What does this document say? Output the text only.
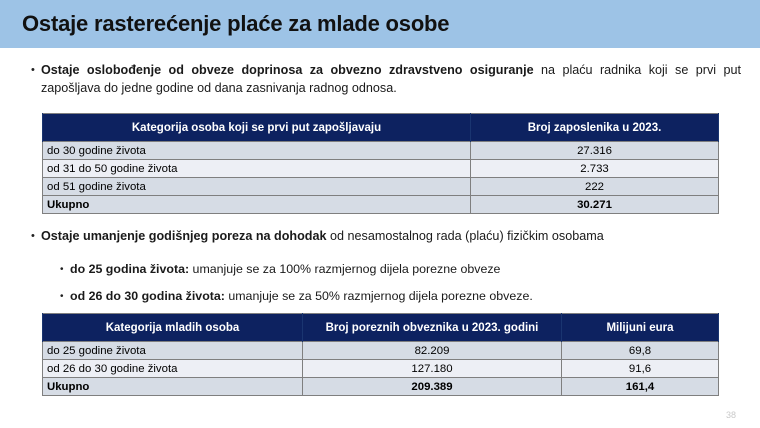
Ostaje rasterećenje plaće za mlade osobe
• Ostaje oslobođenje od obveze doprinosa za obvezno zdravstveno osiguranje na plaću radnika koji se prvi put zapošljava do jedne godine od dana zasnivanja radnog odnosa.
Kategorija osoba koji se prvi put zapošljavaju	Broj zaposlenika u 2023.
do 30 godine života	27.316
od 31 do 50 godine života	2.733
od 51 godine života	222
Ukupno	30.271
• Ostaje umanjenje godišnjeg poreza na dohodak od nesamostalnog rada (plaću) fizičkim osobama
• do 25 godina života: umanjuje se za 100% razmjernog dijela porezne obveze
• od 26 do 30 godina života: umanjuje se za 50% razmjernog dijela porezne obveze.
Kategorija mladih osoba	Broj poreznih obveznika u 2023. godini	Milijuni eura
do 25 godine života	82.209	69,8
od 26 do 30 godine života	127.180	91,6
Ukupno	209.389	161,4
38
